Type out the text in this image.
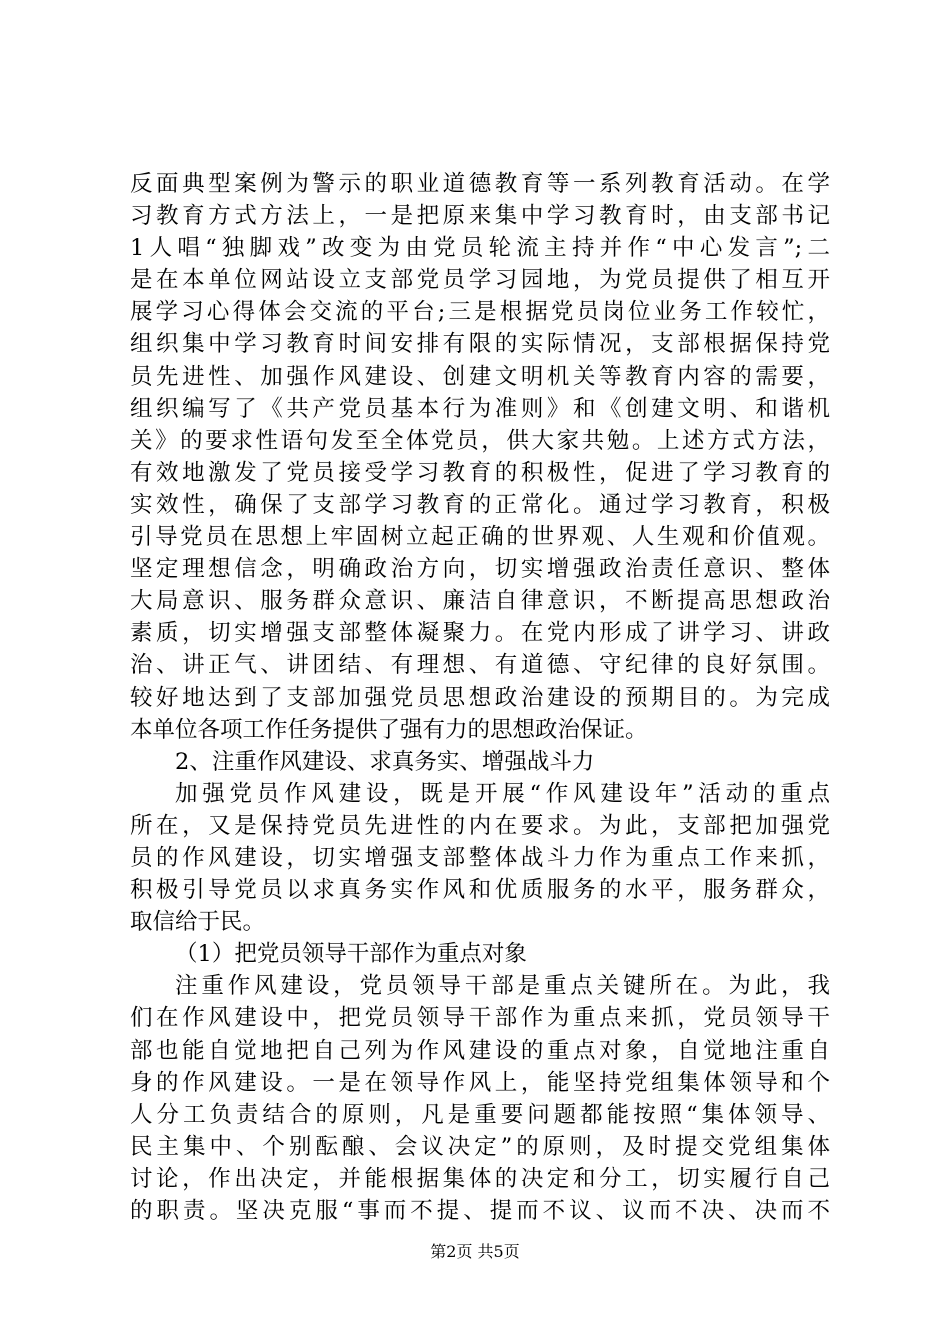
反面典型案例为警示的职业道德教育等一系列教育活动。在学
习教育方式方法上，一是把原来集中学习教育时，由支部书记
1人唱“独脚戏”改变为由党员轮流主持并作“中心发言”;二
是在本单位网站设立支部党员学习园地，为党员提供了相互开
展学习心得体会交流的平台;三是根据党员岗位业务工作较忙，
组织集中学习教育时间安排有限的实际情况，支部根据保持党
员先进性、加强作风建设、创建文明机关等教育内容的需要，
组织编写了《共产党员基本行为准则》和《创建文明、和谐机
关》的要求性语句发至全体党员，供大家共勉。上述方式方法，
有效地激发了党员接受学习教育的积极性，促进了学习教育的
实效性，确保了支部学习教育的正常化。通过学习教育，积极
引导党员在思想上牢固树立起正确的世界观、人生观和价值观。
坚定理想信念，明确政治方向，切实增强政治责任意识、整体
大局意识、服务群众意识、廉洁自律意识，不断提高思想政治
素质，切实增强支部整体凝聚力。在党内形成了讲学习、讲政
治、讲正气、讲团结、有理想、有道德、守纪律的良好氛围。
较好地达到了支部加强党员思想政治建设的预期目的。为完成
本单位各项工作任务提供了强有力的思想政治保证。
2、注重作风建设、求真务实、增强战斗力
加强党员作风建设，既是开展“作风建设年”活动的重点
所在，又是保持党员先进性的内在要求。为此，支部把加强党
员的作风建设，切实增强支部整体战斗力作为重点工作来抓，
积极引导党员以求真务实作风和优质服务的水平，服务群众，
取信给于民。
（1）把党员领导干部作为重点对象
注重作风建设，党员领导干部是重点关键所在。为此，我
们在作风建设中，把党员领导干部作为重点来抓，党员领导干
部也能自觉地把自己列为作风建设的重点对象，自觉地注重自
身的作风建设。一是在领导作风上，能坚持党组集体领导和个
人分工负责结合的原则，凡是重要问题都能按照“集体领导、
民主集中、个别酝酿、会议决定”的原则，及时提交党组集体
讨论，作出决定，并能根据集体的决定和分工，切实履行自己
的职责。坚决克服“事而不提、提而不议、议而不决、决而不
第2页 共5页
